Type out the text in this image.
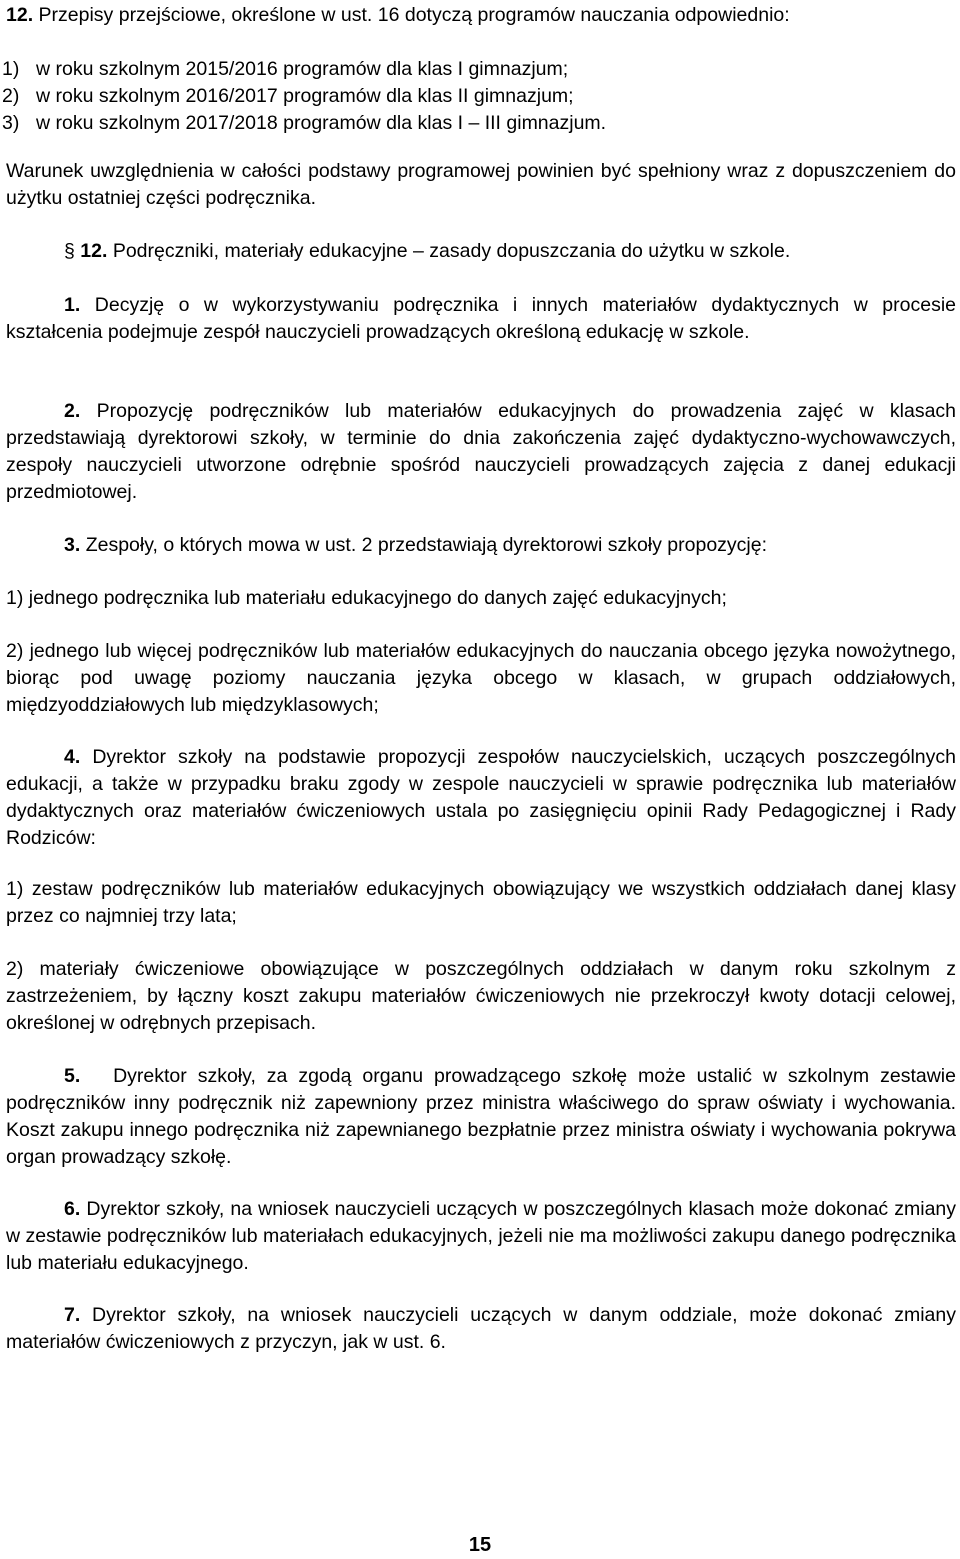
12. Przepisy przejściowe, określone w ust. 16 dotyczą programów nauczania odpowiednio:
1) w roku szkolnym 2015/2016 programów dla klas I gimnazjum;
2) w roku szkolnym 2016/2017 programów dla klas II gimnazjum;
3) w roku szkolnym 2017/2018 programów dla klas I – III gimnazjum.
Warunek uwzględnienia w całości podstawy programowej powinien być spełniony wraz z dopuszczeniem do użytku ostatniej części podręcznika.
§ 12. Podręczniki, materiały edukacyjne – zasady dopuszczania do użytku w szkole.
1. Decyzję o w wykorzystywaniu podręcznika i innych materiałów dydaktycznych w procesie kształcenia podejmuje zespół nauczycieli prowadzących określoną edukację w szkole.
2. Propozycję podręczników lub materiałów edukacyjnych do prowadzenia zajęć w klasach przedstawiają dyrektorowi szkoły, w terminie do dnia zakończenia zajęć dydaktyczno-wychowawczych, zespoły nauczycieli utworzone odrębnie spośród nauczycieli prowadzących zajęcia z danej edukacji przedmiotowej.
3. Zespoły, o których mowa w ust. 2 przedstawiają dyrektorowi szkoły propozycję:
1) jednego podręcznika lub materiału edukacyjnego do danych zajęć edukacyjnych;
2) jednego lub więcej podręczników lub materiałów edukacyjnych do nauczania obcego języka nowożytnego, biorąc pod uwagę poziomy nauczania języka obcego w klasach, w grupach oddziałowych, międzyoddziałowych lub międzyklasowych;
4. Dyrektor szkoły na podstawie propozycji zespołów nauczycielskich, uczących poszczególnych edukacji, a także w przypadku braku zgody w zespole nauczycieli w sprawie podręcznika lub materiałów dydaktycznych oraz materiałów ćwiczeniowych ustala po zasięgnięciu opinii Rady Pedagogicznej i Rady Rodziców:
1) zestaw podręczników lub materiałów edukacyjnych obowiązujący we wszystkich oddziałach danej klasy przez co najmniej trzy lata;
2) materiały ćwiczeniowe obowiązujące w poszczególnych oddziałach w danym roku szkolnym z zastrzeżeniem, by łączny koszt zakupu materiałów ćwiczeniowych nie przekroczył kwoty dotacji celowej, określonej w odrębnych przepisach.
5. Dyrektor szkoły, za zgodą organu prowadzącego szkołę może ustalić w szkolnym zestawie podręczników inny podręcznik niż zapewniony przez ministra właściwego do spraw oświaty i wychowania. Koszt zakupu innego podręcznika niż zapewnianego bezpłatnie przez ministra oświaty i wychowania pokrywa organ prowadzący szkołę.
6. Dyrektor szkoły, na wniosek nauczycieli uczących w poszczególnych klasach może dokonać zmiany w zestawie podręczników lub materiałach edukacyjnych, jeżeli nie ma możliwości zakupu danego podręcznika lub materiału edukacyjnego.
7. Dyrektor szkoły, na wniosek nauczycieli uczących w danym oddziale, może dokonać zmiany materiałów ćwiczeniowych z przyczyn, jak w ust. 6.
15
